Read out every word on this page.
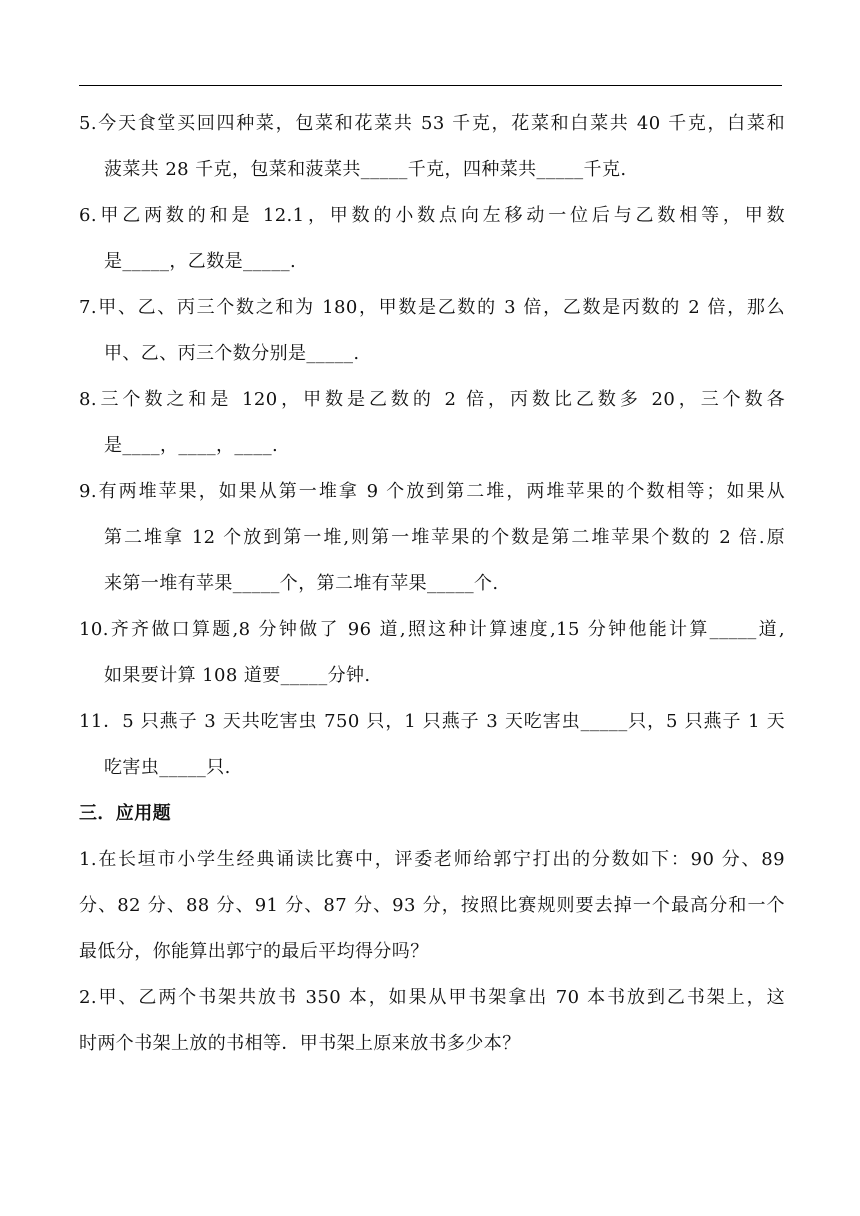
5.今天食堂买回四种菜，包菜和花菜共 53 千克，花菜和白菜共 40 千克，白菜和
菠菜共 28 千克，包菜和菠菜共_____千克，四种菜共_____千克.
6.甲乙两数的和是 12.1，甲数的小数点向左移动一位后与乙数相等，甲数
是_____，乙数是_____.
7.甲、乙、丙三个数之和为 180，甲数是乙数的 3 倍，乙数是丙数的 2 倍，那么
甲、乙、丙三个数分别是_____.
8.三个数之和是 120，甲数是乙数的 2 倍，丙数比乙数多 20，三个数各
是____，____，____.
9.有两堆苹果，如果从第一堆拿 9 个放到第二堆，两堆苹果的个数相等；如果从
第二堆拿 12 个放到第一堆,则第一堆苹果的个数是第二堆苹果个数的 2 倍.原
来第一堆有苹果_____个，第二堆有苹果_____个.
10.齐齐做口算题,8 分钟做了 96 道,照这种计算速度,15 分钟他能计算_____道,
如果要计算 108 道要_____分钟.
11．5 只燕子 3 天共吃害虫 750 只，1 只燕子 3 天吃害虫_____只，5 只燕子 1 天
吃害虫_____只.
三．应用题
1.在长垣市小学生经典诵读比赛中，评委老师给郭宁打出的分数如下：90 分、89
分、82 分、88 分、91 分、87 分、93 分，按照比赛规则要去掉一个最高分和一个
最低分，你能算出郭宁的最后平均得分吗？
2.甲、乙两个书架共放书 350 本，如果从甲书架拿出 70 本书放到乙书架上，这
时两个书架上放的书相等．甲书架上原来放书多少本？
